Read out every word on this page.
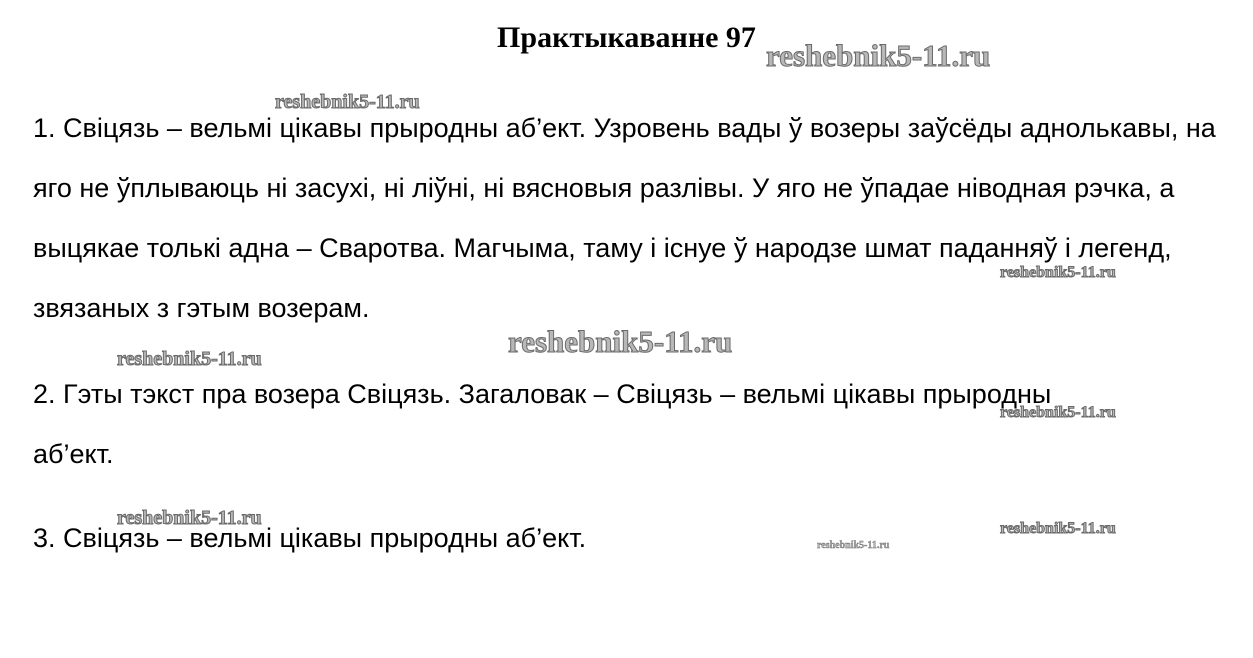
Практыкаванне 97

1. Свіцязь – вельмі цікавы прыродны аб’ект. Узровень вады ў возеры заўсёды аднолькавы, на яго не ўплываюць ні засухі, ні ліўні, ні вясновыя разлівы. У яго не ўпадае ніводная рэчка, а выцякае толькі адна – Сваротва. Магчыма, таму і існуе ў народзе шмат паданняў і легенд, звязаных з гэтым возерам.

2. Гэты тэкст пра возера Свіцязь. Загаловак – Свіцязь – вельмі цікавы прыродны аб’ект.

3. Свіцязь – вельмі цікавы прыродны аб’ект.

reshebnik5-11.ru
reshebnik5-11.ru
reshebnik5-11.ru
reshebnik5-11.ru
reshebnik5-11.ru
reshebnik5-11.ru
reshebnik5-11.ru	reshebnik5-11.ru
reshebnik5-11.ru
